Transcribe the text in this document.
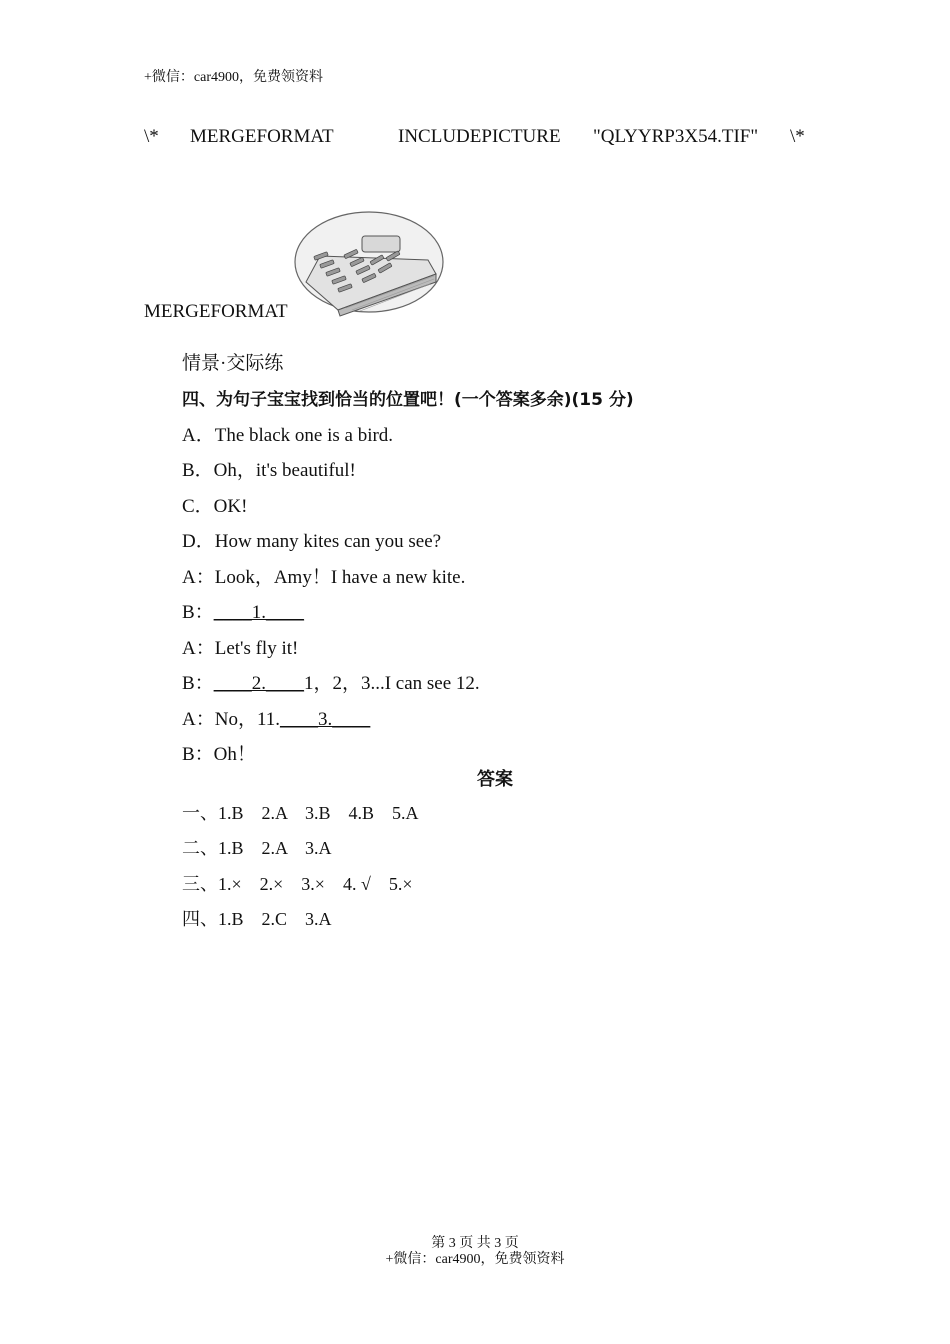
+微信：car4900，免费领资料
\* MERGEFORMAT	INCLUDEPICTURE "QLYYRP3X54.TIF" \*
MERGEFORMAT
情景·交际练
四、为句子宝宝找到恰当的位置吧！(一个答案多余)(15 分)
A．The black one is a bird.
B．Oh，it's beautiful!
C．OK!
D．How many kites can you see?
A：Look，Amy！I have a new kite.
B：____1.____
A：Let's fly it!
B：____2.____1，2，3...I can see 12.
A：No，11.____3.____
B：Oh！
答案
一、1.B　2.A　3.B　4.B　5.A
二、1.B　2.A　3.A
三、1.×　2.×　3.×　4. √　5.×
四、1.B　2.C　3.A
第 3 页 共 3 页
+微信：car4900，免费领资料
